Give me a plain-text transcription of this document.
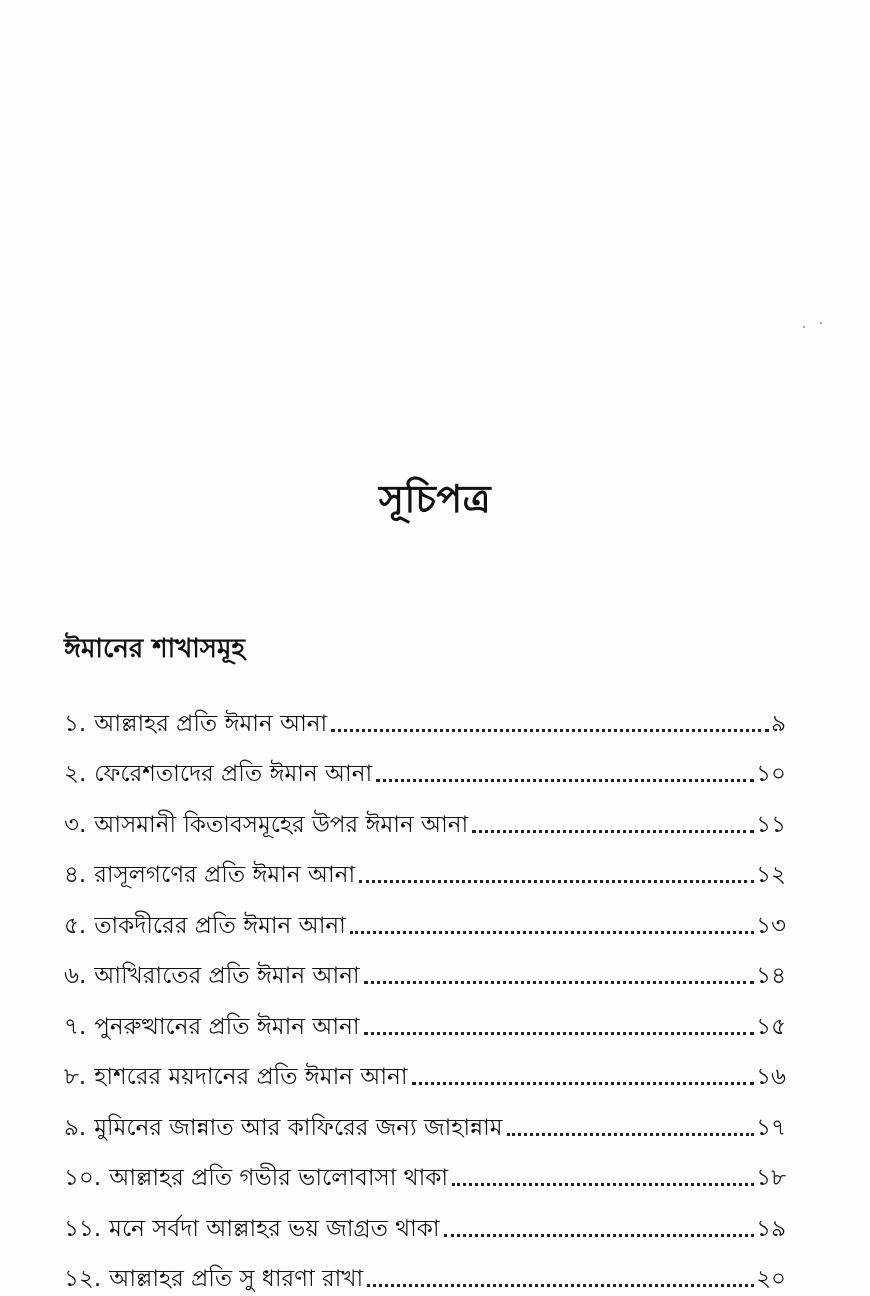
সূচিপত্র
ঈমানের শাখাসমূহ
১. আল্লাহর প্রতি ঈমান আনা	৯
২. ফেরেশতাদের প্রতি ঈমান আনা	১০
৩. আসমানী কিতাবসমূহের উপর ঈমান আনা	১১
৪. রাসূলগণের প্রতি ঈমান আনা	১২
৫. তাকদীরের প্রতি ঈমান আনা	১৩
৬. আখিরাতের প্রতি ঈমান আনা	১৪
৭. পুনরুত্থানের প্রতি ঈমান আনা	১৫
৮. হাশরের ময়দানের প্রতি ঈমান আনা	১৬
৯. মুমিনের জান্নাত আর কাফিরের জন্য জাহান্নাম	১৭
১০. আল্লাহর প্রতি গভীর ভালোবাসা থাকা	১৮
১১. মনে সর্বদা আল্লাহর ভয় জাগ্রত থাকা	১৯
১২. আল্লাহর প্রতি সু ধারণা রাখা	২০
